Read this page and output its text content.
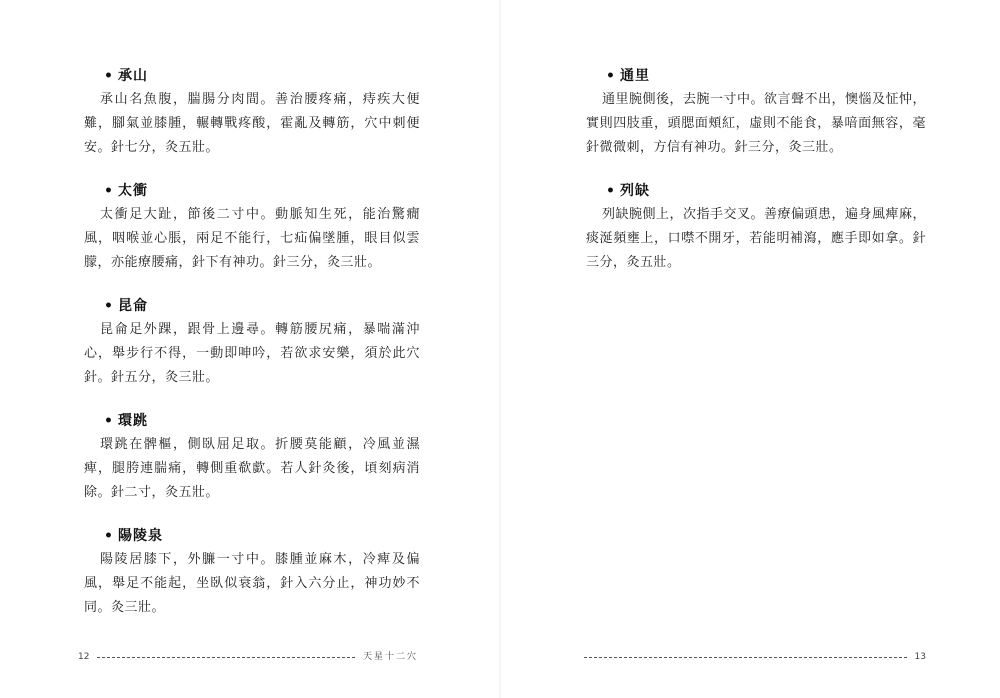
• 承山
承山名魚腹，腨腸分肉間。善治腰疼痛，痔疾大便難，腳氣並膝腫，輾轉戰疼酸，霍亂及轉筋，穴中刺便安。針七分，灸五壯。
• 太衝
太衝足大趾，節後二寸中。動脈知生死，能治驚癇風，咽喉並心脹，兩足不能行，七疝偏墜腫，眼目似雲朦，亦能療腰痛，針下有神功。針三分，灸三壯。
• 昆侖
昆侖足外踝，跟骨上邊尋。轉筋腰尻痛，暴喘滿沖心，舉步行不得，一動即呻吟，若欲求安樂，須於此穴針。針五分，灸三壯。
• 環跳
環跳在髀樞，側臥屈足取。折腰莫能顧，冷風並濕痺，腿胯連腨痛，轉側重欷歔。若人針灸後，頃刻病消除。針二寸，灸五壯。
• 陽陵泉
陽陵居膝下，外臁一寸中。膝腫並麻木，冷痺及偏風，舉足不能起，坐臥似衰翁，針入六分止，神功妙不同。灸三壯。
12	天星十二穴
• 通里
通里腕側後，去腕一寸中。欲言聲不出，懊惱及怔忡，實則四肢重，頭腮面頰紅，虛則不能食，暴喑面無容，毫針微微刺，方信有神功。針三分，灸三壯。
• 列缺
列缺腕側上，次指手交叉。善療偏頭患，遍身風痺麻，痰涎頻壅上，口噤不開牙，若能明補瀉，應手即如拿。針三分，灸五壯。
13
